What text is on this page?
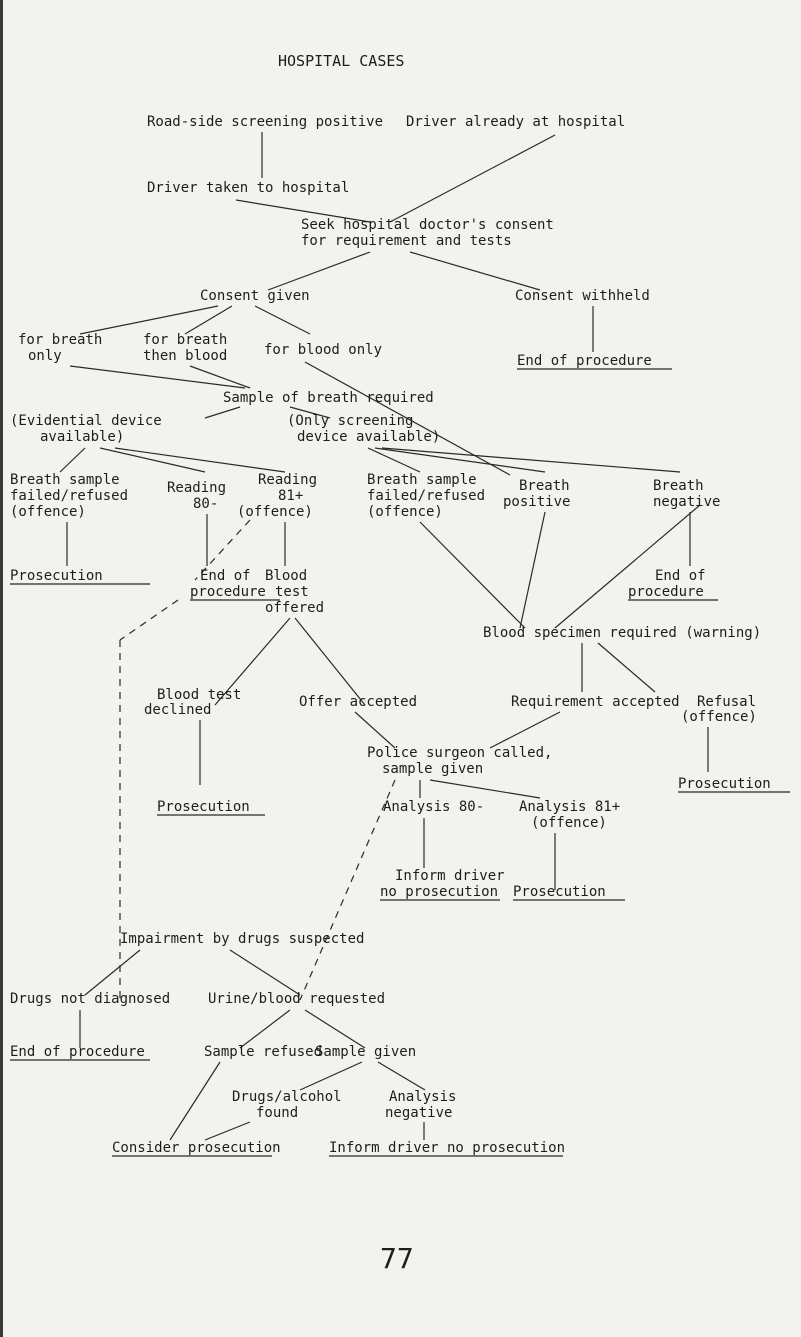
HOSPITAL CASES
Road-side screening positive Driver already at hospital
Driver taken to hospital
Seek hospital doctor's consent
for requirement and tests
Consent given	Consent withheld
for breath
only
for breath
then blood	for blood only
End of procedure
Sample of breath required
(Evidential device
available)
(Only screening
device available)
Breath sample
failed/refused
(offence)
Reading
80-
Reading
81+
(offence)
Breath sample
failed/refused
(offence)
Breath
positive
Breath
negative
Prosecution	End of
procedure
Blood
test
offered
End of
procedure
Blood specimen required (warning)
Blood test
declined	Offer accepted	Requirement accepted Refusal
(offence)
Police surgeon called,
sample given
Prosecution
Prosecution	Analysis 80- Analysis 81+
(offence)
Inform driver
no prosecution Prosecution
Impairment by drugs suspected
Drugs not diagnosed	Urine/blood requested
End of procedure	Sample refused
Sample given
Drugs/alcohol
found
Analysis
negative
Consider prosecution	Inform driver no prosecution
77
